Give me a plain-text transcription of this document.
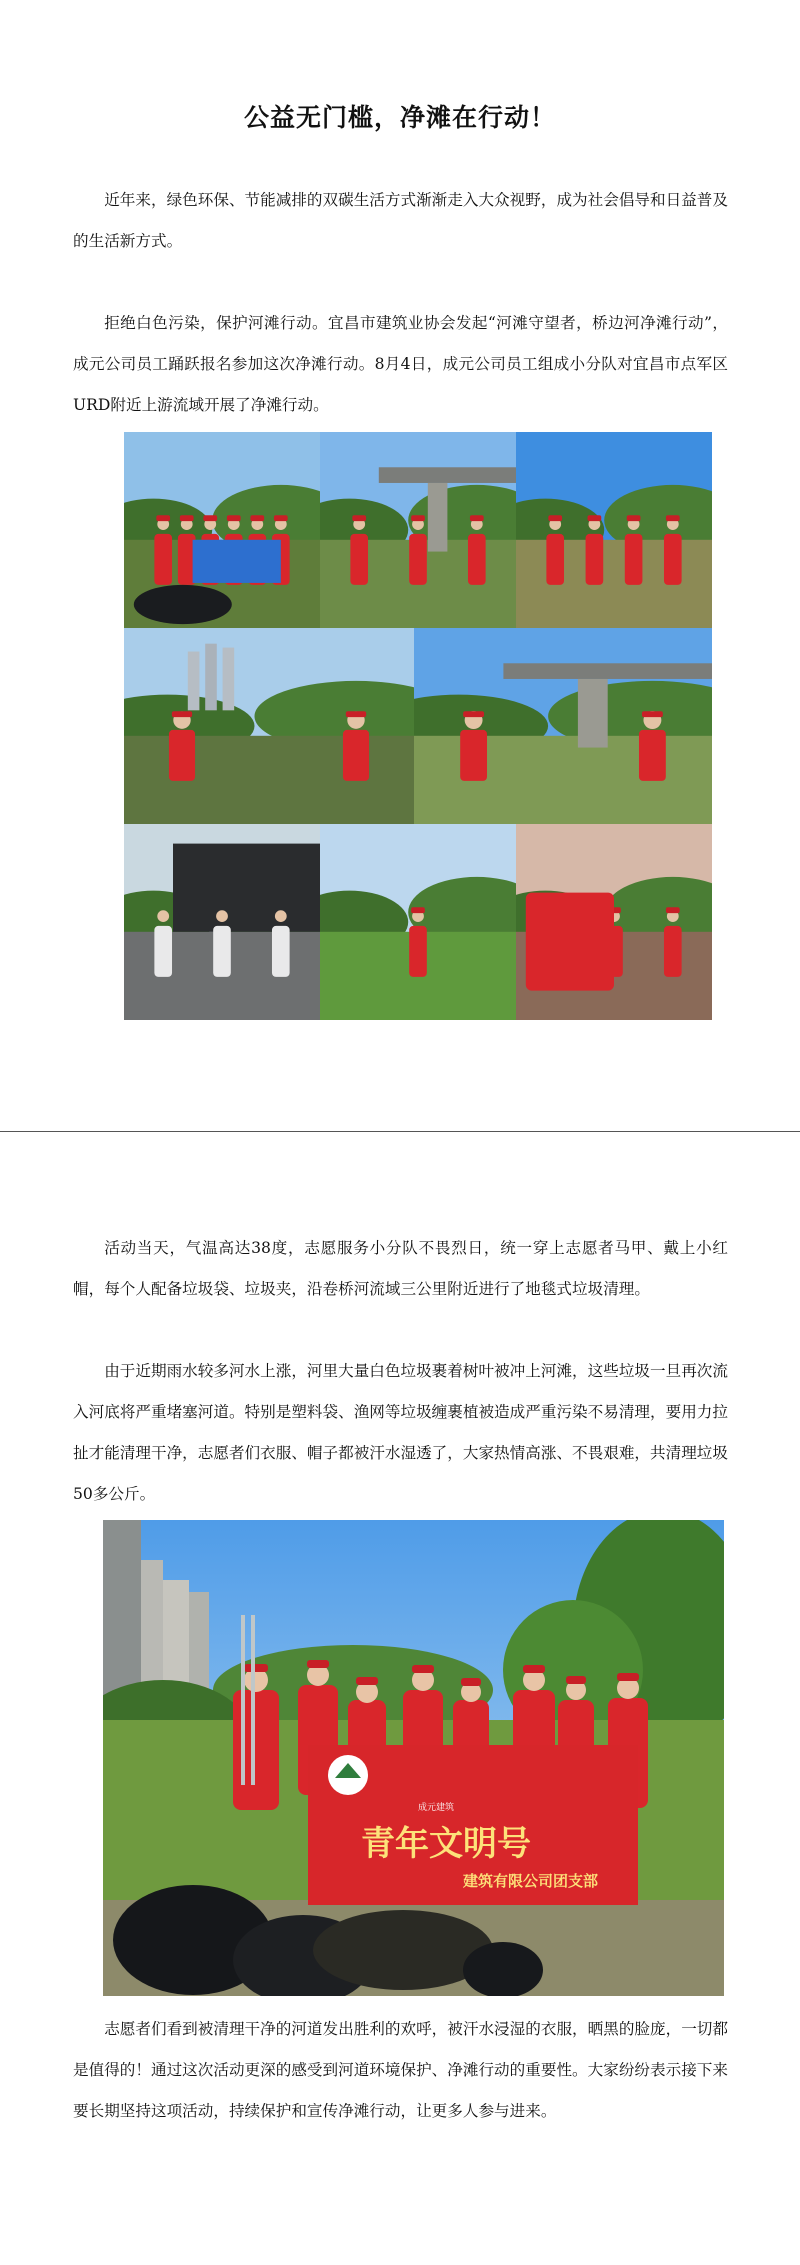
公益无门槛，净滩在行动！

近年来，绿色环保、节能减排的双碳生活方式渐渐走入大众视野，成为社会倡导和日益普及的生活新方式。

拒绝白色污染，保护河滩行动。宜昌市建筑业协会发起“河滩守望者，桥边河净滩行动”，成元公司员工踊跃报名参加这次净滩行动。8月4日，成元公司员工组成小分队对宜昌市点军区URD附近上游流域开展了净滩行动。

活动当天，气温高达38度，志愿服务小分队不畏烈日，统一穿上志愿者马甲、戴上小红帽，每个人配备垃圾袋、垃圾夹，沿卷桥河流域三公里附近进行了地毯式垃圾清理。

由于近期雨水较多河水上涨，河里大量白色垃圾裹着树叶被冲上河滩，这些垃圾一旦再次流入河底将严重堵塞河道。特别是塑料袋、渔网等垃圾缠裹植被造成严重污染不易清理，要用力拉扯才能清理干净，志愿者们衣服、帽子都被汗水湿透了，大家热情高涨、不畏艰难，共清理垃圾50多公斤。

成元建筑
青年文明号
建筑有限公司团支部

志愿者们看到被清理干净的河道发出胜利的欢呼，被汗水浸湿的衣服，晒黑的脸庞，一切都是值得的！通过这次活动更深的感受到河道环境保护、净滩行动的重要性。大家纷纷表示接下来要长期坚持这项活动，持续保护和宣传净滩行动，让更多人参与进来。
